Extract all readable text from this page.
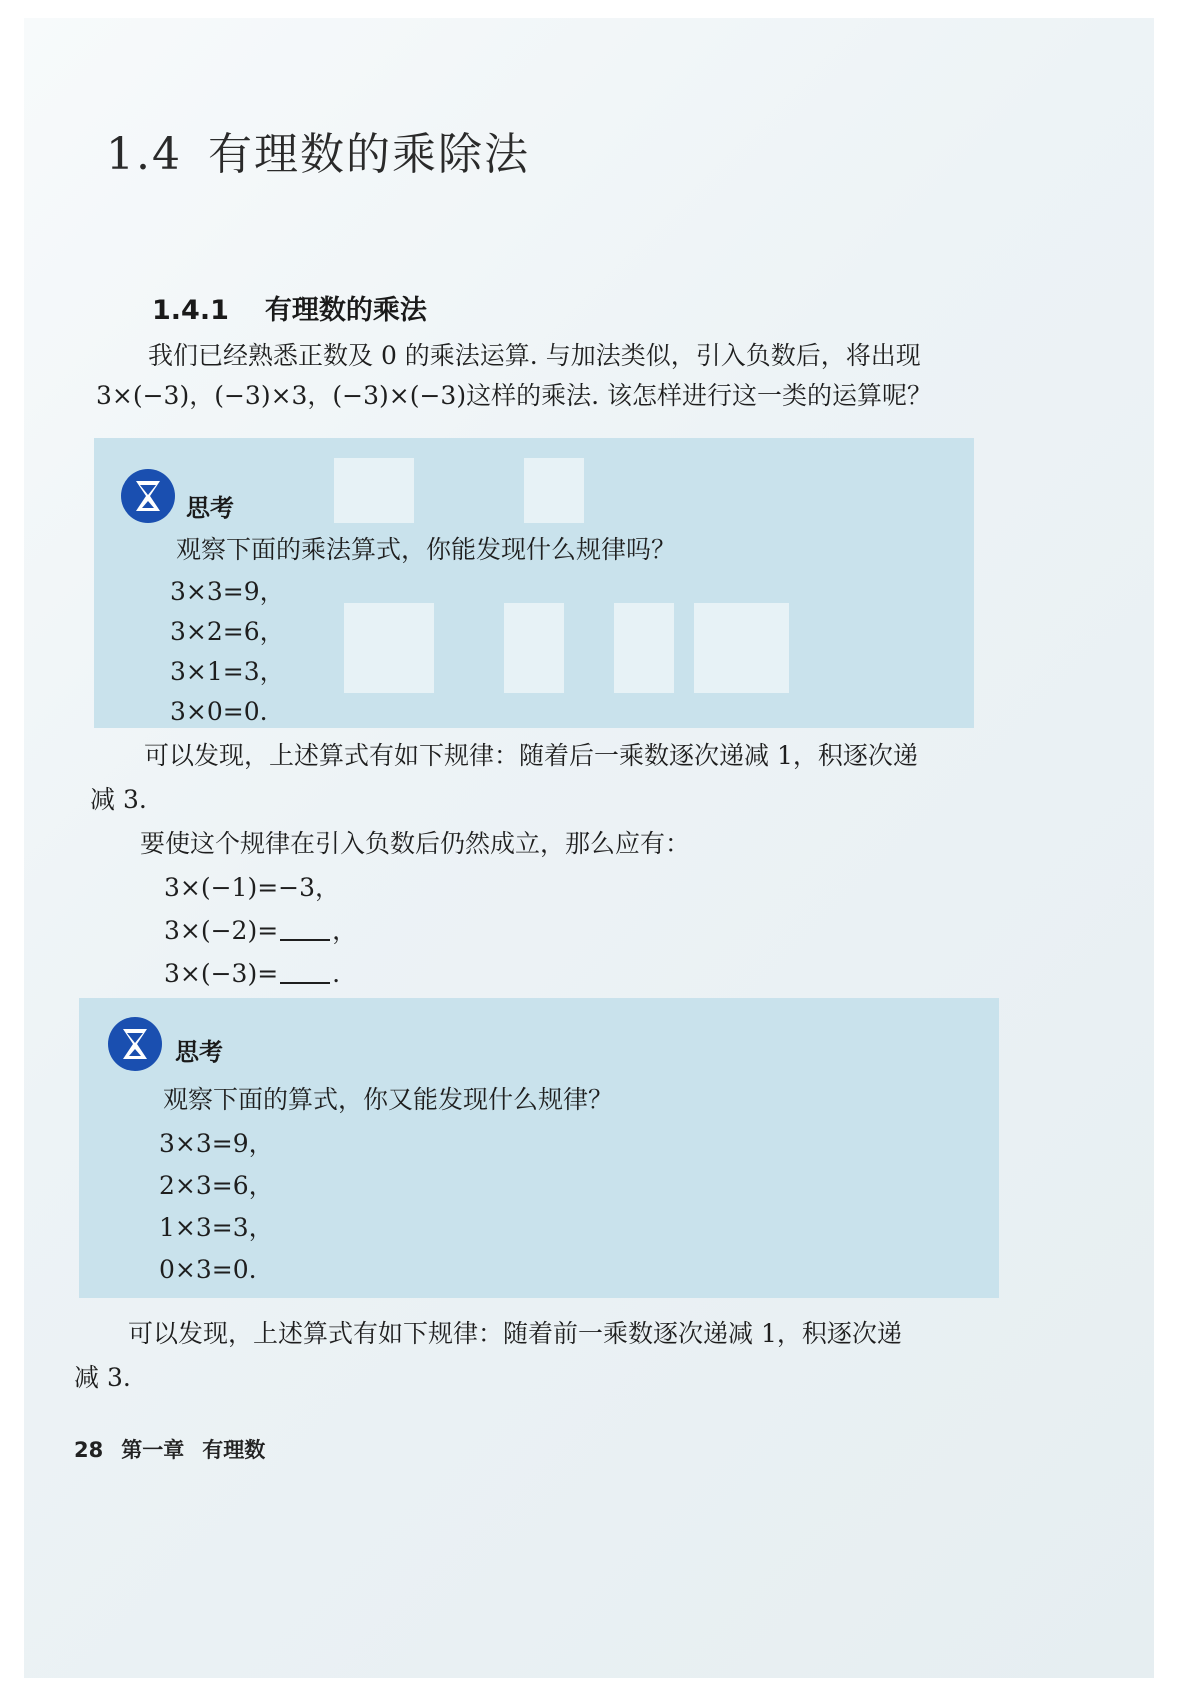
1.4 有理数的乘除法
1.4.1 有理数的乘法
我们已经熟悉正数及 0 的乘法运算. 与加法类似，引入负数后，将出现
3×(−3)，(−3)×3，(−3)×(−3)这样的乘法. 该怎样进行这一类的运算呢？
思考
观察下面的乘法算式，你能发现什么规律吗？
3×3=9，
3×2=6，
3×1=3，
3×0=0.
可以发现，上述算式有如下规律：随着后一乘数逐次递减 1，积逐次递
减 3.
要使这个规律在引入负数后仍然成立，那么应有：
3×(−1)=−3，
3×(−2)= ，
3×(−3)= .
思考
观察下面的算式，你又能发现什么规律？
3×3=9，
2×3=6，
1×3=3，
0×3=0.
可以发现，上述算式有如下规律：随着前一乘数逐次递减 1，积逐次递
减 3.
28 第一章 有理数
